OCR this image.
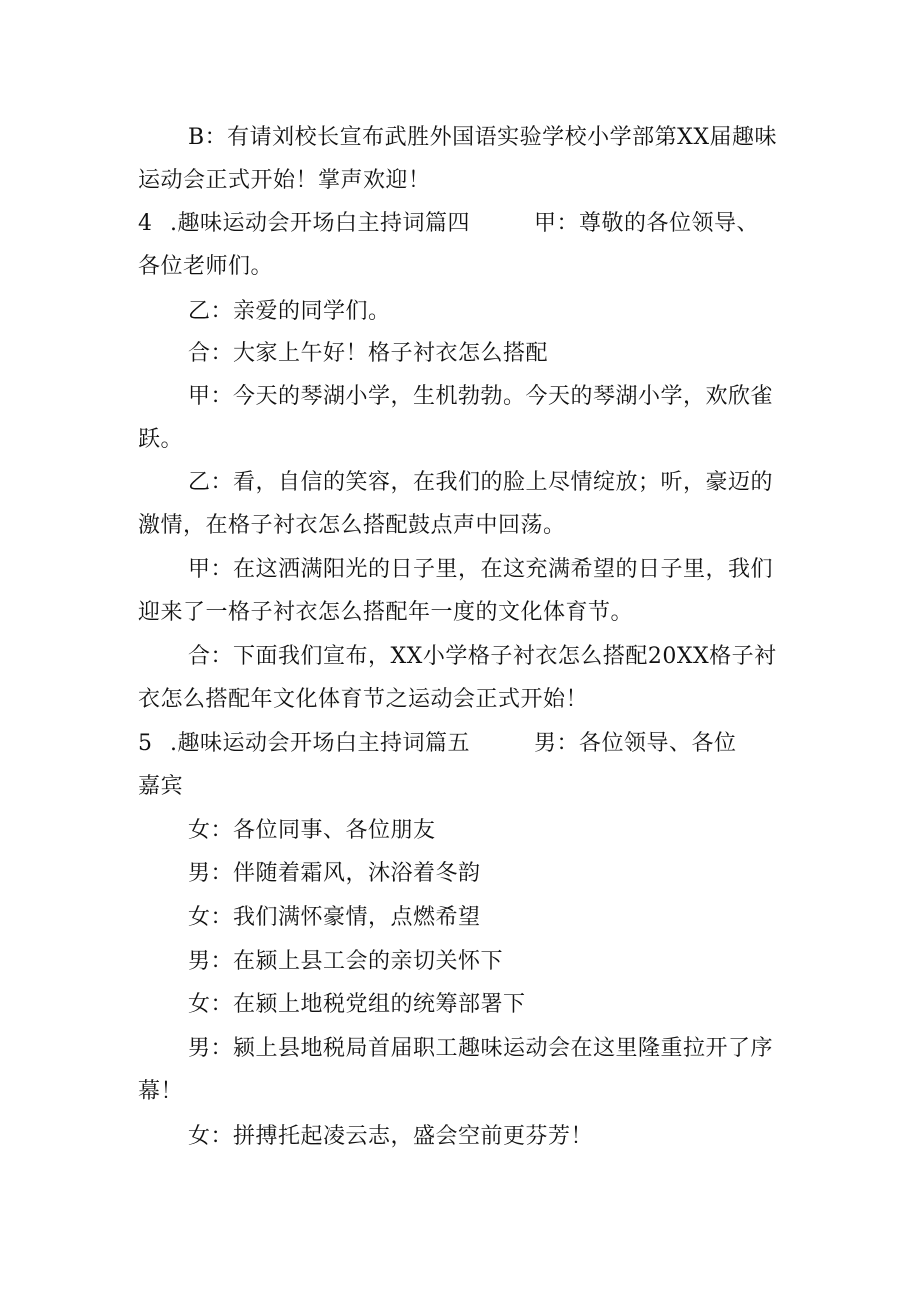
B：有请刘校长宣布武胜外国语实验学校小学部第XX届趣味运动会正式开始！掌声欢迎！

4 .趣味运动会开场白主持词篇四	甲：尊敬的各位领导、

各位老师们。

乙：亲爱的同学们。

合：大家上午好！格子衬衣怎么搭配

甲：今天的琴湖小学，生机勃勃。今天的琴湖小学，欢欣雀跃。

乙：看，自信的笑容，在我们的脸上尽情绽放；听，豪迈的激情，在格子衬衣怎么搭配鼓点声中回荡。

甲：在这洒满阳光的日子里，在这充满希望的日子里，我们迎来了一格子衬衣怎么搭配年一度的文化体育节。

合：下面我们宣布，XX小学格子衬衣怎么搭配20XX格子衬衣怎么搭配年文化体育节之运动会正式开始！

5 .趣味运动会开场白主持词篇五	男：各位领导、各位

嘉宾

女：各位同事、各位朋友

男：伴随着霜风，沐浴着冬韵

女：我们满怀豪情，点燃希望

男：在颍上县工会的亲切关怀下

女：在颍上地税党组的统筹部署下

男：颍上县地税局首届职工趣味运动会在这里隆重拉开了序幕！

女：拼搏托起凌云志，盛会空前更芬芳！
